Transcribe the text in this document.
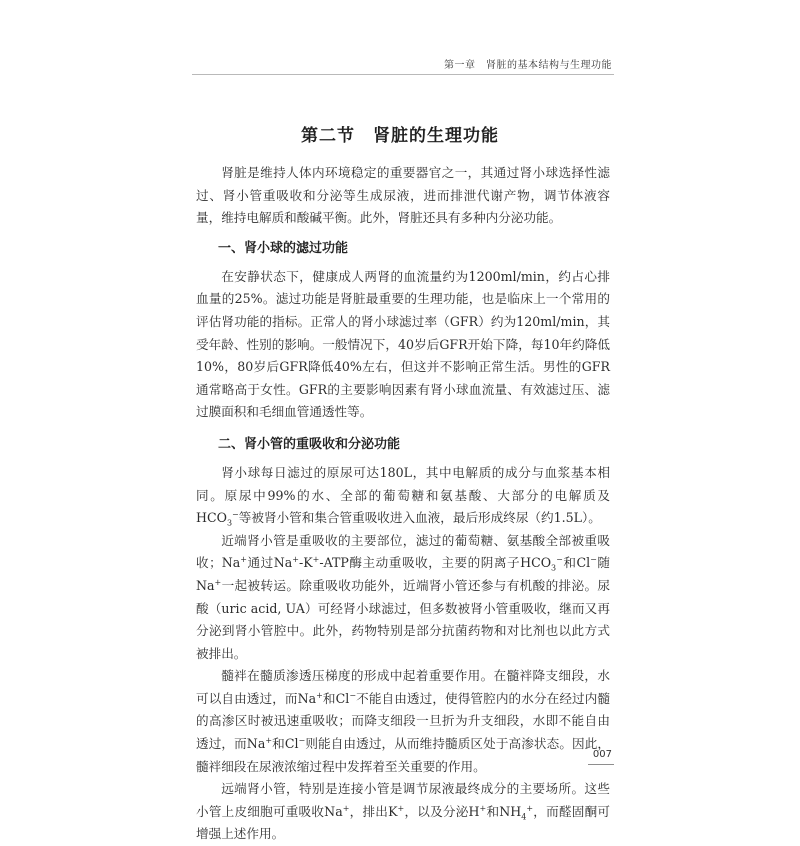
第一章　肾脏的基本结构与生理功能
第二节　肾脏的生理功能

肾脏是维持人体内环境稳定的重要器官之一，其通过肾小球选择性滤过、肾小管重吸收和分泌等生成尿液，进而排泄代谢产物，调节体液容量，维持电解质和酸碱平衡。此外，肾脏还具有多种内分泌功能。

一、肾小球的滤过功能

在安静状态下，健康成人两肾的血流量约为1200ml/min，约占心排血量的25%。滤过功能是肾脏最重要的生理功能，也是临床上一个常用的评估肾功能的指标。正常人的肾小球滤过率（GFR）约为120ml/min，其受年龄、性别的影响。一般情况下，40岁后GFR开始下降，每10年约降低10%，80岁后GFR降低40%左右，但这并不影响正常生活。男性的GFR通常略高于女性。GFR的主要影响因素有肾小球血流量、有效滤过压、滤过膜面积和毛细血管通透性等。

二、肾小管的重吸收和分泌功能

肾小球每日滤过的原尿可达180L，其中电解质的成分与血浆基本相同。原尿中99%的水、全部的葡萄糖和氨基酸、大部分的电解质及$HCO_3^-$等被肾小管和集合管重吸收进入血液，最后形成终尿（约1.5L）。

近端肾小管是重吸收的主要部位，滤过的葡萄糖、氨基酸全部被重吸收；Na+通过Na+-K+-ATP酶主动重吸收，主要的阴离子$HCO_3^-$和Cl−随Na+一起被转运。除重吸收功能外，近端肾小管还参与有机酸的排泌。尿酸（uric acid, UA）可经肾小球滤过，但多数被肾小管重吸收，继而又再分泌到肾小管腔中。此外，药物特别是部分抗菌药物和对比剂也以此方式被排出。

髓袢在髓质渗透压梯度的形成中起着重要作用。在髓袢降支细段，水可以自由透过，而Na+和Cl−不能自由透过，使得管腔内的水分在经过内髓的高渗区时被迅速重吸收；而降支细段一旦折为升支细段，水即不能自由透过，而Na+和Cl−则能自由透过，从而维持髓质区处于高渗状态。因此，髓袢细段在尿液浓缩过程中发挥着至关重要的作用。

远端肾小管，特别是连接小管是调节尿液最终成分的主要场所。这些小管上皮细胞可重吸收Na+，排出K+，以及分泌H+和$NH_4^+$，而醛固酮可增强上述作用。

007
